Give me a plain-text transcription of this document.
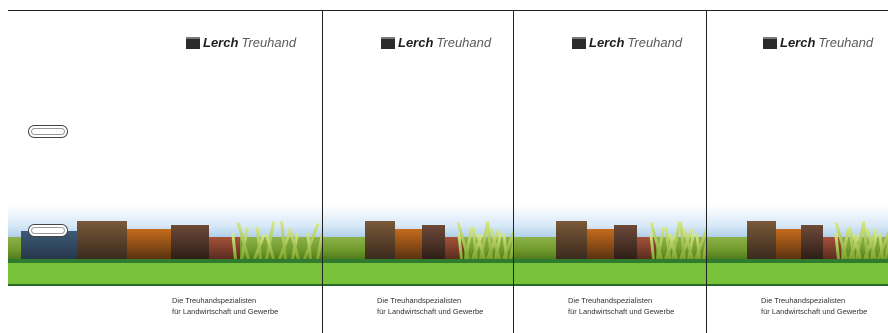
Lerch Treuhand
Die Treuhandspezialisten
für Landwirtschaft und Gewerbe
Lerch Treuhand
Die Treuhandspezialisten
für Landwirtschaft und Gewerbe
Lerch Treuhand
Die Treuhandspezialisten
für Landwirtschaft und Gewerbe
Lerch Treuhand
Die Treuhandspezialisten
für Landwirtschaft und Gewerbe
